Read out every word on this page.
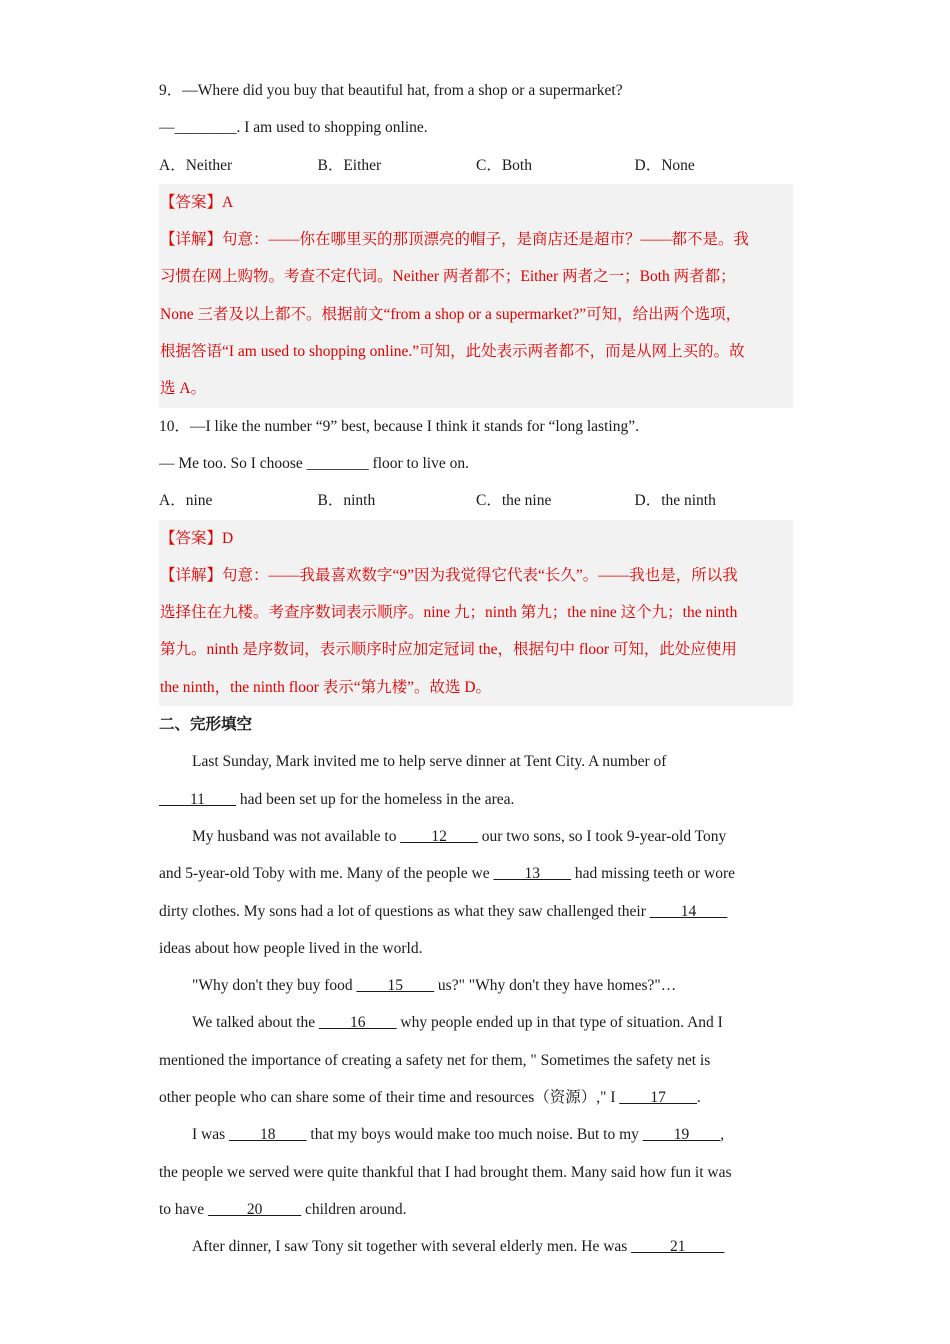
9．—Where did you buy that beautiful hat, from a shop or a supermarket?
—________. I am used to shopping online.
A．Neither	B．Either	C．Both	D．None
【答案】A
【详解】句意：——你在哪里买的那顶漂亮的帽子，是商店还是超市？——都不是。我
习惯在网上购物。考查不定代词。Neither 两者都不；Either 两者之一；Both 两者都；
None 三者及以上都不。根据前文“from a shop or a supermarket?”可知，给出两个选项，
根据答语“I am used to shopping online.”可知，此处表示两者都不，而是从网上买的。故
选 A。
10．—I like the number “9” best, because I think it stands for “long lasting”.
— Me too. So I choose ________ floor to live on.
A．nine	B．ninth	C．the nine	D．the ninth
【答案】D
【详解】句意：——我最喜欢数字“9”因为我觉得它代表“长久”。——我也是，所以我
选择住在九楼。考查序数词表示顺序。nine 九；ninth 第九；the nine 这个九；the ninth
第九。ninth 是序数词，表示顺序时应加定冠词 the，根据句中 floor 可知，此处应使用
the ninth，the ninth floor 表示“第九楼”。故选 D。
二、完形填空
Last Sunday, Mark invited me to help serve dinner at Tent City. A number of
____11____ had been set up for the homeless in the area.
My husband was not available to ____12____ our two sons, so I took 9-year-old Tony
and 5-year-old Toby with me. Many of the people we ____13____ had missing teeth or wore
dirty clothes. My sons had a lot of questions as what they saw challenged their ____14____
ideas about how people lived in the world.
"Why don't they buy food ____15____ us?" "Why don't they have homes?"…
We talked about the ____16____ why people ended up in that type of situation. And I
mentioned the importance of creating a safety net for them, " Sometimes the safety net is
other people who can share some of their time and resources（资源）," I ____17____.
I was ____18____ that my boys would make too much noise. But to my ____19____,
the people we served were quite thankful that I had brought them. Many said how fun it was
to have _____20_____ children around.
After dinner, I saw Tony sit together with several elderly men. He was _____21_____
